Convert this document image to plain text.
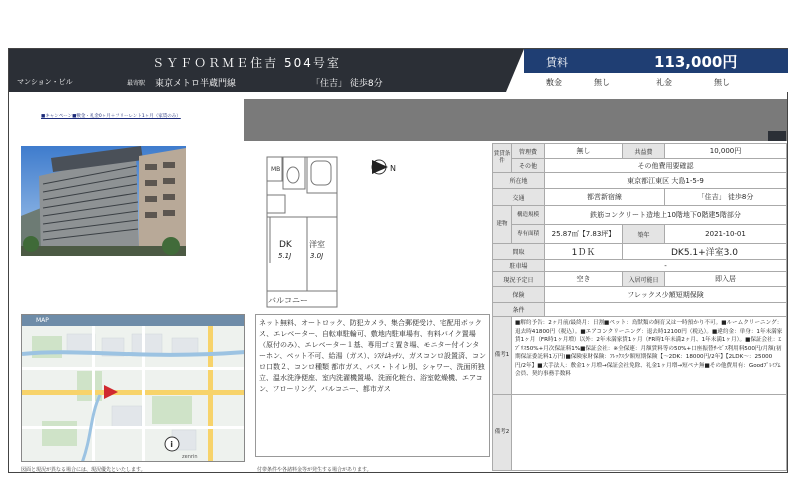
ＳＹＦＯＲＭＥ住吉 504号室
マンション・ビル	最寄駅 東京メトロ半蔵門線	「住吉」 徒歩8分
賃料	113,000円
敷金	無し	礼金	無し
■キャンペーン■敷金・礼金0ヶ月＋フリーレント1ヶ月（家賃のみ）
MB
DK
5.1J
洋室
3.0J
バルコニー
N
MAP
i
zenrin
ネット無料、オートロック、防犯カメラ、集合郵便受け、宅配用ボックス、エレベーター、自転車駐輪可、敷地内駐車場有、有料バイク置場（原付のみ）、エレベーター１基、専用ゴミ置き場、モニター付インターホン、ペット不可、給湯（ガス）、ｼｽﾃﾑｷｯﾁﾝ、ガスコンロ設置済、コンロ口数２、コンロ種類 都市ガス、バス・トイレ別、シャワー、洗面所独立、温水洗浄便座、室内洗濯機置場、洗面化粧台、浴室乾燥機、エアコン、フローリング、バルコニー、都市ガス
図面と現況が異なる場合には、現況優先といたします。	付帯条件や各諸料金等が発生する場合があります。
賃貸条件	管理費	無し	共益費	10,000円
	その他	その他費用要確認		
所在地		東京都江東区 大島1-5-9		
交通		都営新宿線		「住吉」 徒歩8分
建物	構造規模	鉄筋コンクリート造地上10階地下0階建5階部分		
	専有面積	25.87㎡【7.83坪】	築年	2021-10-01
間取		1ＤＫ	DK5.1+洋室3.0	
駐車場		-		
現況予定日		空き	入居可能日	即入居
保険		フレックス少額短期保険		
条件				
備考1	■解約予告：2ヶ月前/最終月：日割■ペット：鳥獣類の飼育又は一時預かり不可。■ルームクリーニング：退去時41800円（税込）。■エアコンクリーニング：退去時12100円（税込）。■違約金：単身：1年未満家賃1ヶ月（FR時1ヶ月増）以外：2年未満家賃1ヶ月（FR時1年未満2ヶ月、1年未満1ヶ月）。■保証会社：ｴﾌﾞﾘｽ50%+月次保証料1%■保証会社：※全保連：月額賃料等の50%+口座振替ｻｰﾋﾞｽ利用料500円/月額(初期保証委託料1万円)■保険家財保険：ﾌﾚｯｸｽ少額短期保険【～2DK：18000円/2年】【2LDK～：25000円/2年】■大手法人：敷金1ヶ月増→保証会社免除、礼金1ヶ月増→短ペナ無■その他費用有：Goodﾌﾟﾚﾐｱﾑ会員、契約事務手数料			
備考2				
